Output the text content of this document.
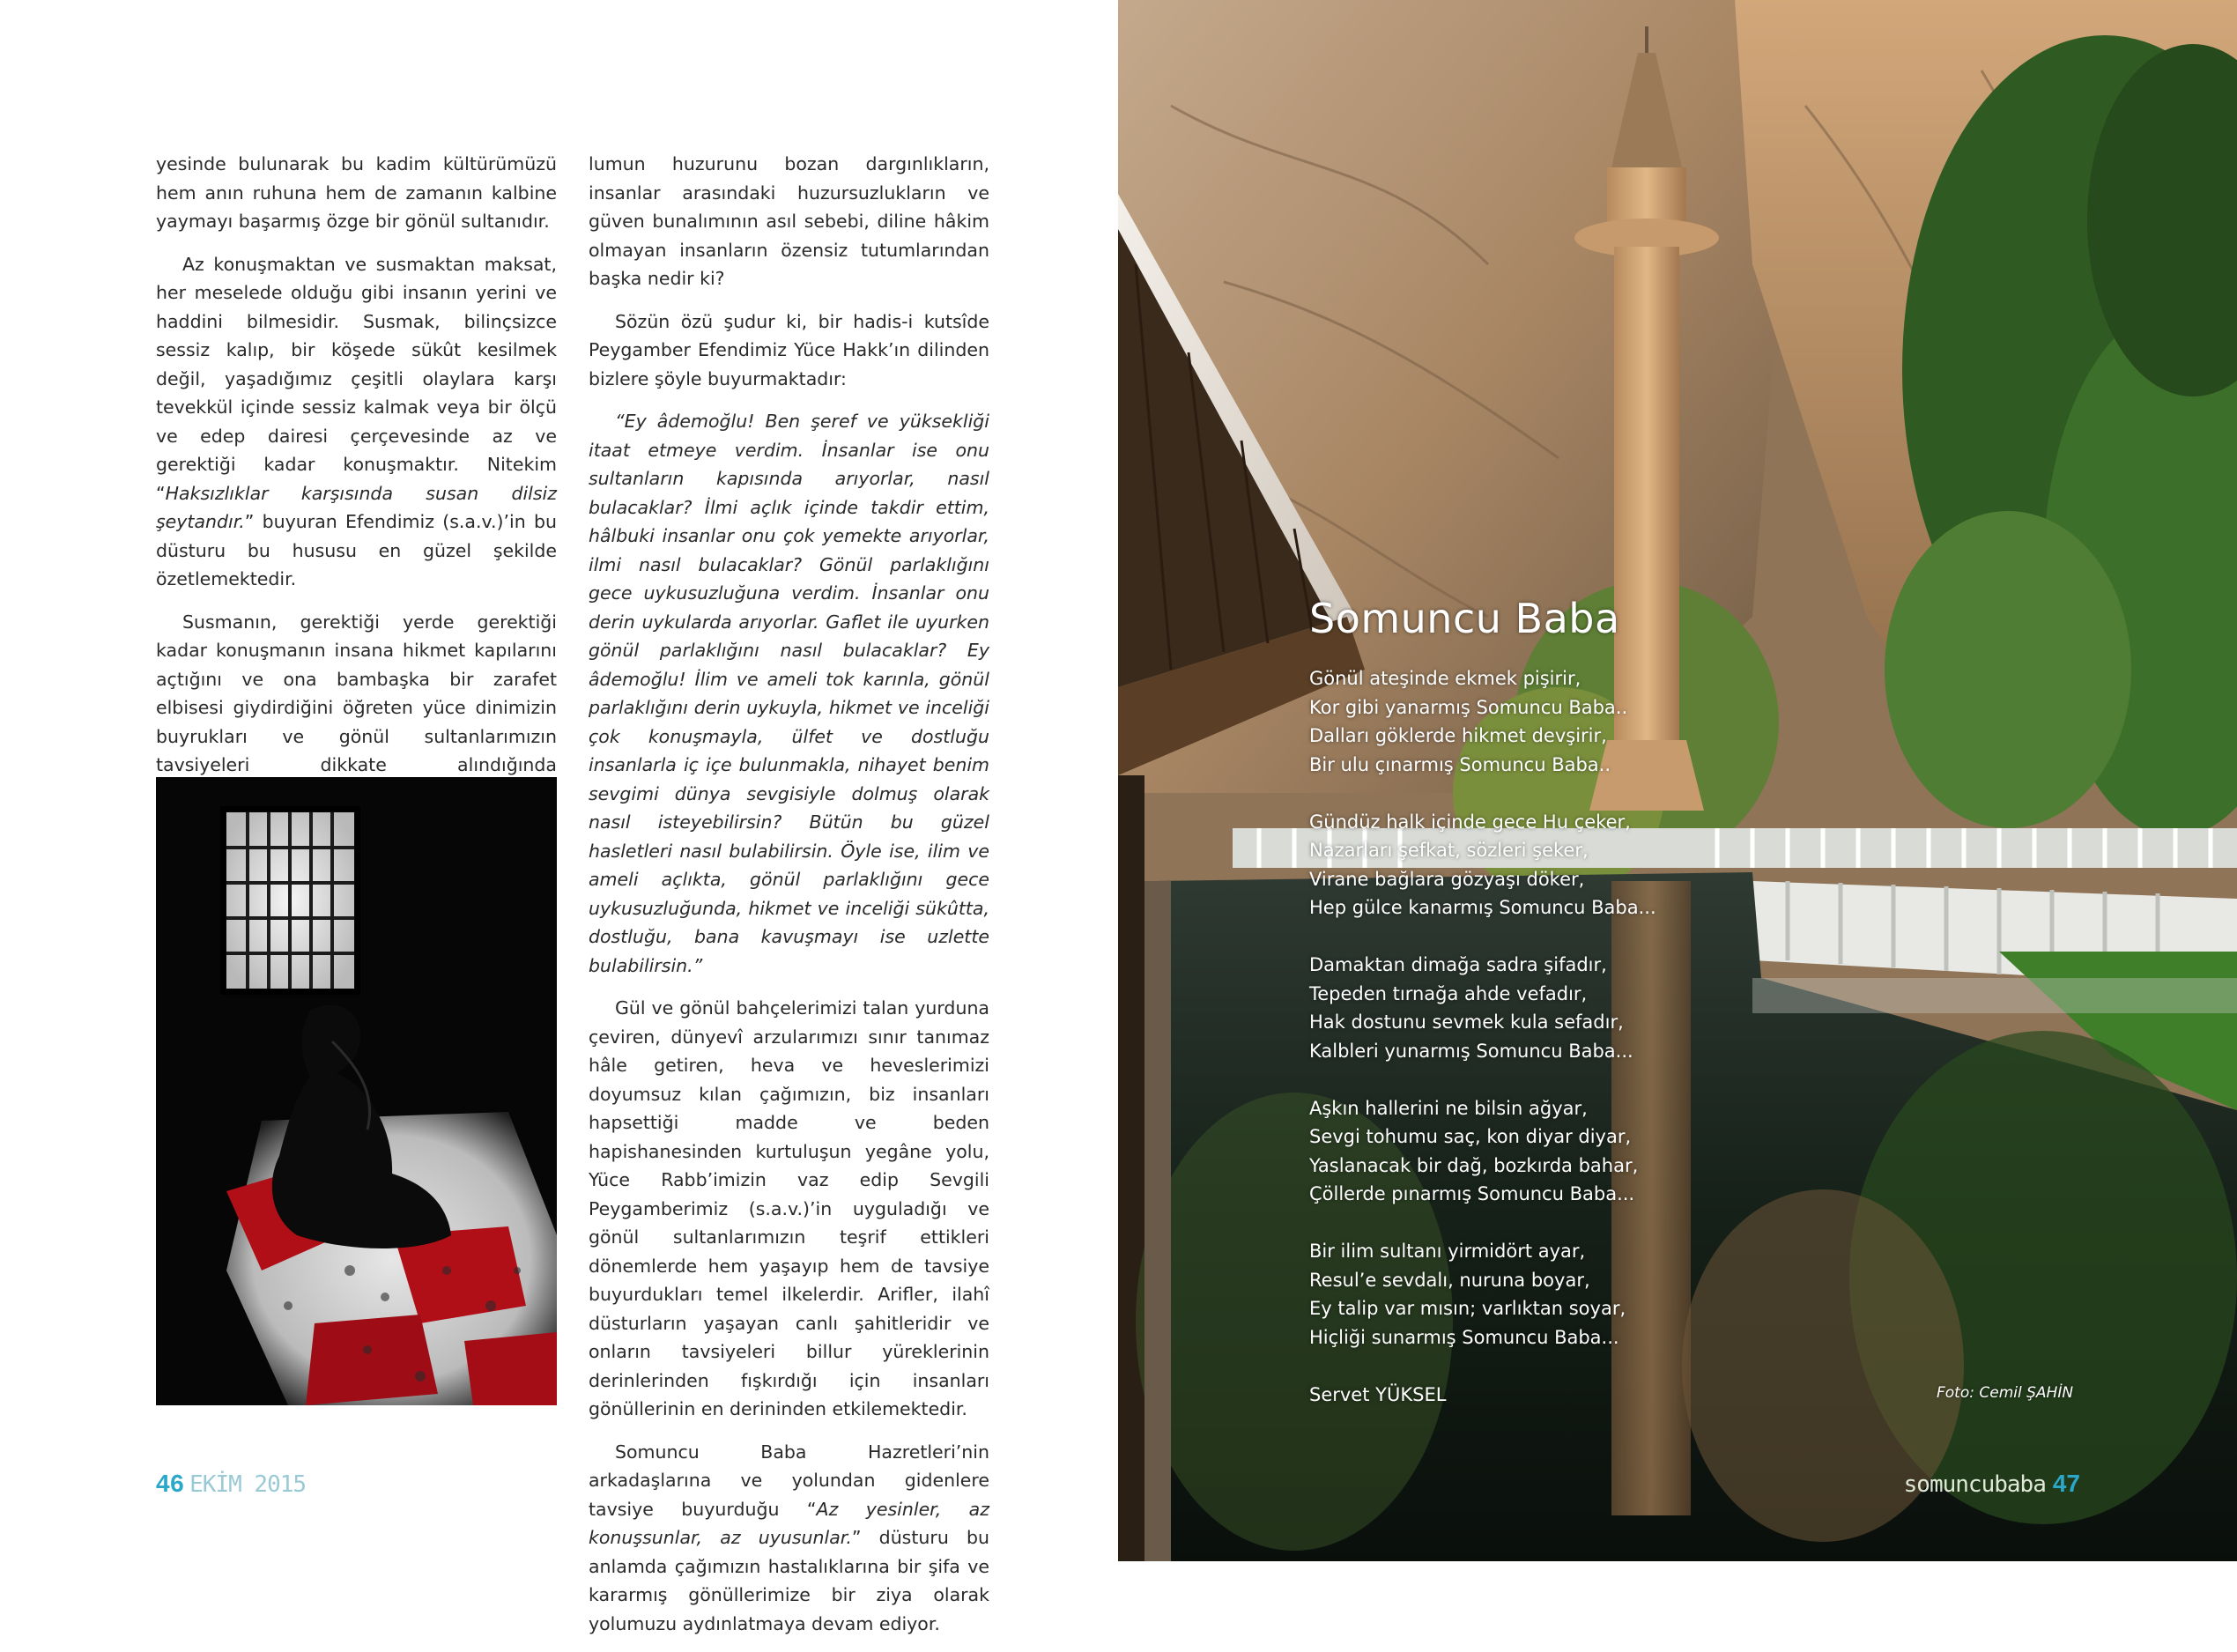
yesinde bulunarak bu kadim kültürümüzü hem anın ruhuna hem de zamanın kalbine yaymayı başarmış özge bir gönül sultanıdır.

Az konuşmaktan ve susmaktan maksat, her meselede olduğu gibi insanın yerini ve haddini bilmesidir. Susmak, bilinçsizce sessiz kalıp, bir köşede sükût kesilmek değil, yaşadığımız çeşitli olaylara karşı tevekkül içinde sessiz kalmak veya bir ölçü ve edep dairesi çerçevesinde az ve gerektiği kadar konuşmaktır. Nitekim “Haksızlıklar karşısında susan dilsiz şeytandır.” buyuran Efendimiz (s.a.v.)’in bu düsturu bu hususu en güzel şekilde özetlemektedir.

Susmanın, gerektiği yerde gerektiği kadar konuşmanın insana hikmet kapılarını açtığını ve ona bambaşka bir zarafet elbisesi giydirdiğini öğreten yüce dinimizin buyrukları ve gönül sultanlarımızın tavsiyeleri dikkate alındığında

lumun huzurunu bozan dargınlıkların, insanlar arasındaki huzursuzlukların ve güven bunalımının asıl sebebi, diline hâkim olmayan insanların özensiz tutumlarından başka nedir ki?

Sözün özü şudur ki, bir hadis-i kutsîde Peygamber Efendimiz Yüce Hakk’ın dilinden bizlere şöyle buyurmaktadır:

“Ey âdemoğlu! Ben şeref ve yüksekliği itaat etmeye verdim. İnsanlar ise onu sultanların kapısında arıyorlar, nasıl bulacaklar? İlmi açlık içinde takdir ettim, hâlbuki insanlar onu çok yemekte arıyorlar, ilmi nasıl bulacaklar? Gönül parlaklığını gece uykusuzluğuna verdim. İnsanlar onu derin uykularda arıyorlar. Gaflet ile uyurken gönül parlaklığını nasıl bulacaklar? Ey âdemoğlu! İlim ve ameli tok karınla, gönül parlaklığını derin uykuyla, hikmet ve inceliği çok konuşmayla, ülfet ve dostluğu insanlarla iç içe bulunmakla, nihayet benim sevgimi dünya sevgisiyle dolmuş olarak nasıl isteyebilirsin? Bütün bu güzel hasletleri nasıl bulabilirsin. Öyle ise, ilim ve ameli açlıkta, gönül parlaklığını gece uykusuzluğunda, hikmet ve inceliği sükûtta, dostluğu, bana kavuşmayı ise uzlette bulabilirsin.”

Gül ve gönül bahçelerimizi talan yurduna çeviren, dünyevî arzularımızı sınır tanımaz hâle getiren, heva ve heveslerimizi doyumsuz kılan çağımızın, biz insanları hapsettiği madde ve beden hapishanesinden kurtuluşun yegâne yolu, Yüce Rabb’imizin vaz edip Sevgili Peygamberimiz (s.a.v.)’in uyguladığı ve gönül sultanlarımızın teşrif ettikleri dönemlerde hem yaşayıp hem de tavsiye buyurdukları temel ilkelerdir. Arifler, ilahî düsturların yaşayan canlı şahitleridir ve onların tavsiyeleri billur yüreklerinin derinlerinden fışkırdığı için insanları gönüllerinin en derininden etkilemektedir.

Somuncu Baba Hazretleri’nin arkadaşlarına ve yolundan gidenlere tavsiye buyurduğu “Az yesinler, az konuşsunlar, az uyusunlar.” düsturu bu anlamda çağımızın hastalıklarına bir şifa ve kararmış gönüllerimize bir ziya olarak yolumuzu aydınlatmaya devam ediyor.

46 EKİM 2015
Somuncu Baba
Gönül ateşinde ekmek pişirir,
Kor gibi yanarmış Somuncu Baba..
Dalları göklerde hikmet devşirir,
Bir ulu çınarmış Somuncu Baba..
Gündüz halk içinde gece Hu çeker,
Nazarları şefkat, sözleri şeker,
Virane bağlara gözyaşı döker,
Hep gülce kanarmış Somuncu Baba...
Damaktan dimağa sadra şifadır,
Tepeden tırnağa ahde vefadır,
Hak dostunu sevmek kula sefadır,
Kalbleri yunarmış Somuncu Baba...
Aşkın hallerini ne bilsin ağyar,
Sevgi tohumu saç, kon diyar diyar,
Yaslanacak bir dağ, bozkırda bahar,
Çöllerde pınarmış Somuncu Baba...
Bir ilim sultanı yirmidört ayar,
Resul’e sevdalı, nuruna boyar,
Ey talip var mısın; varlıktan soyar,
Hiçliği sunarmış Somuncu Baba...
Servet YÜKSEL	Foto: Cemil ŞAHİN
somuncubaba 47
